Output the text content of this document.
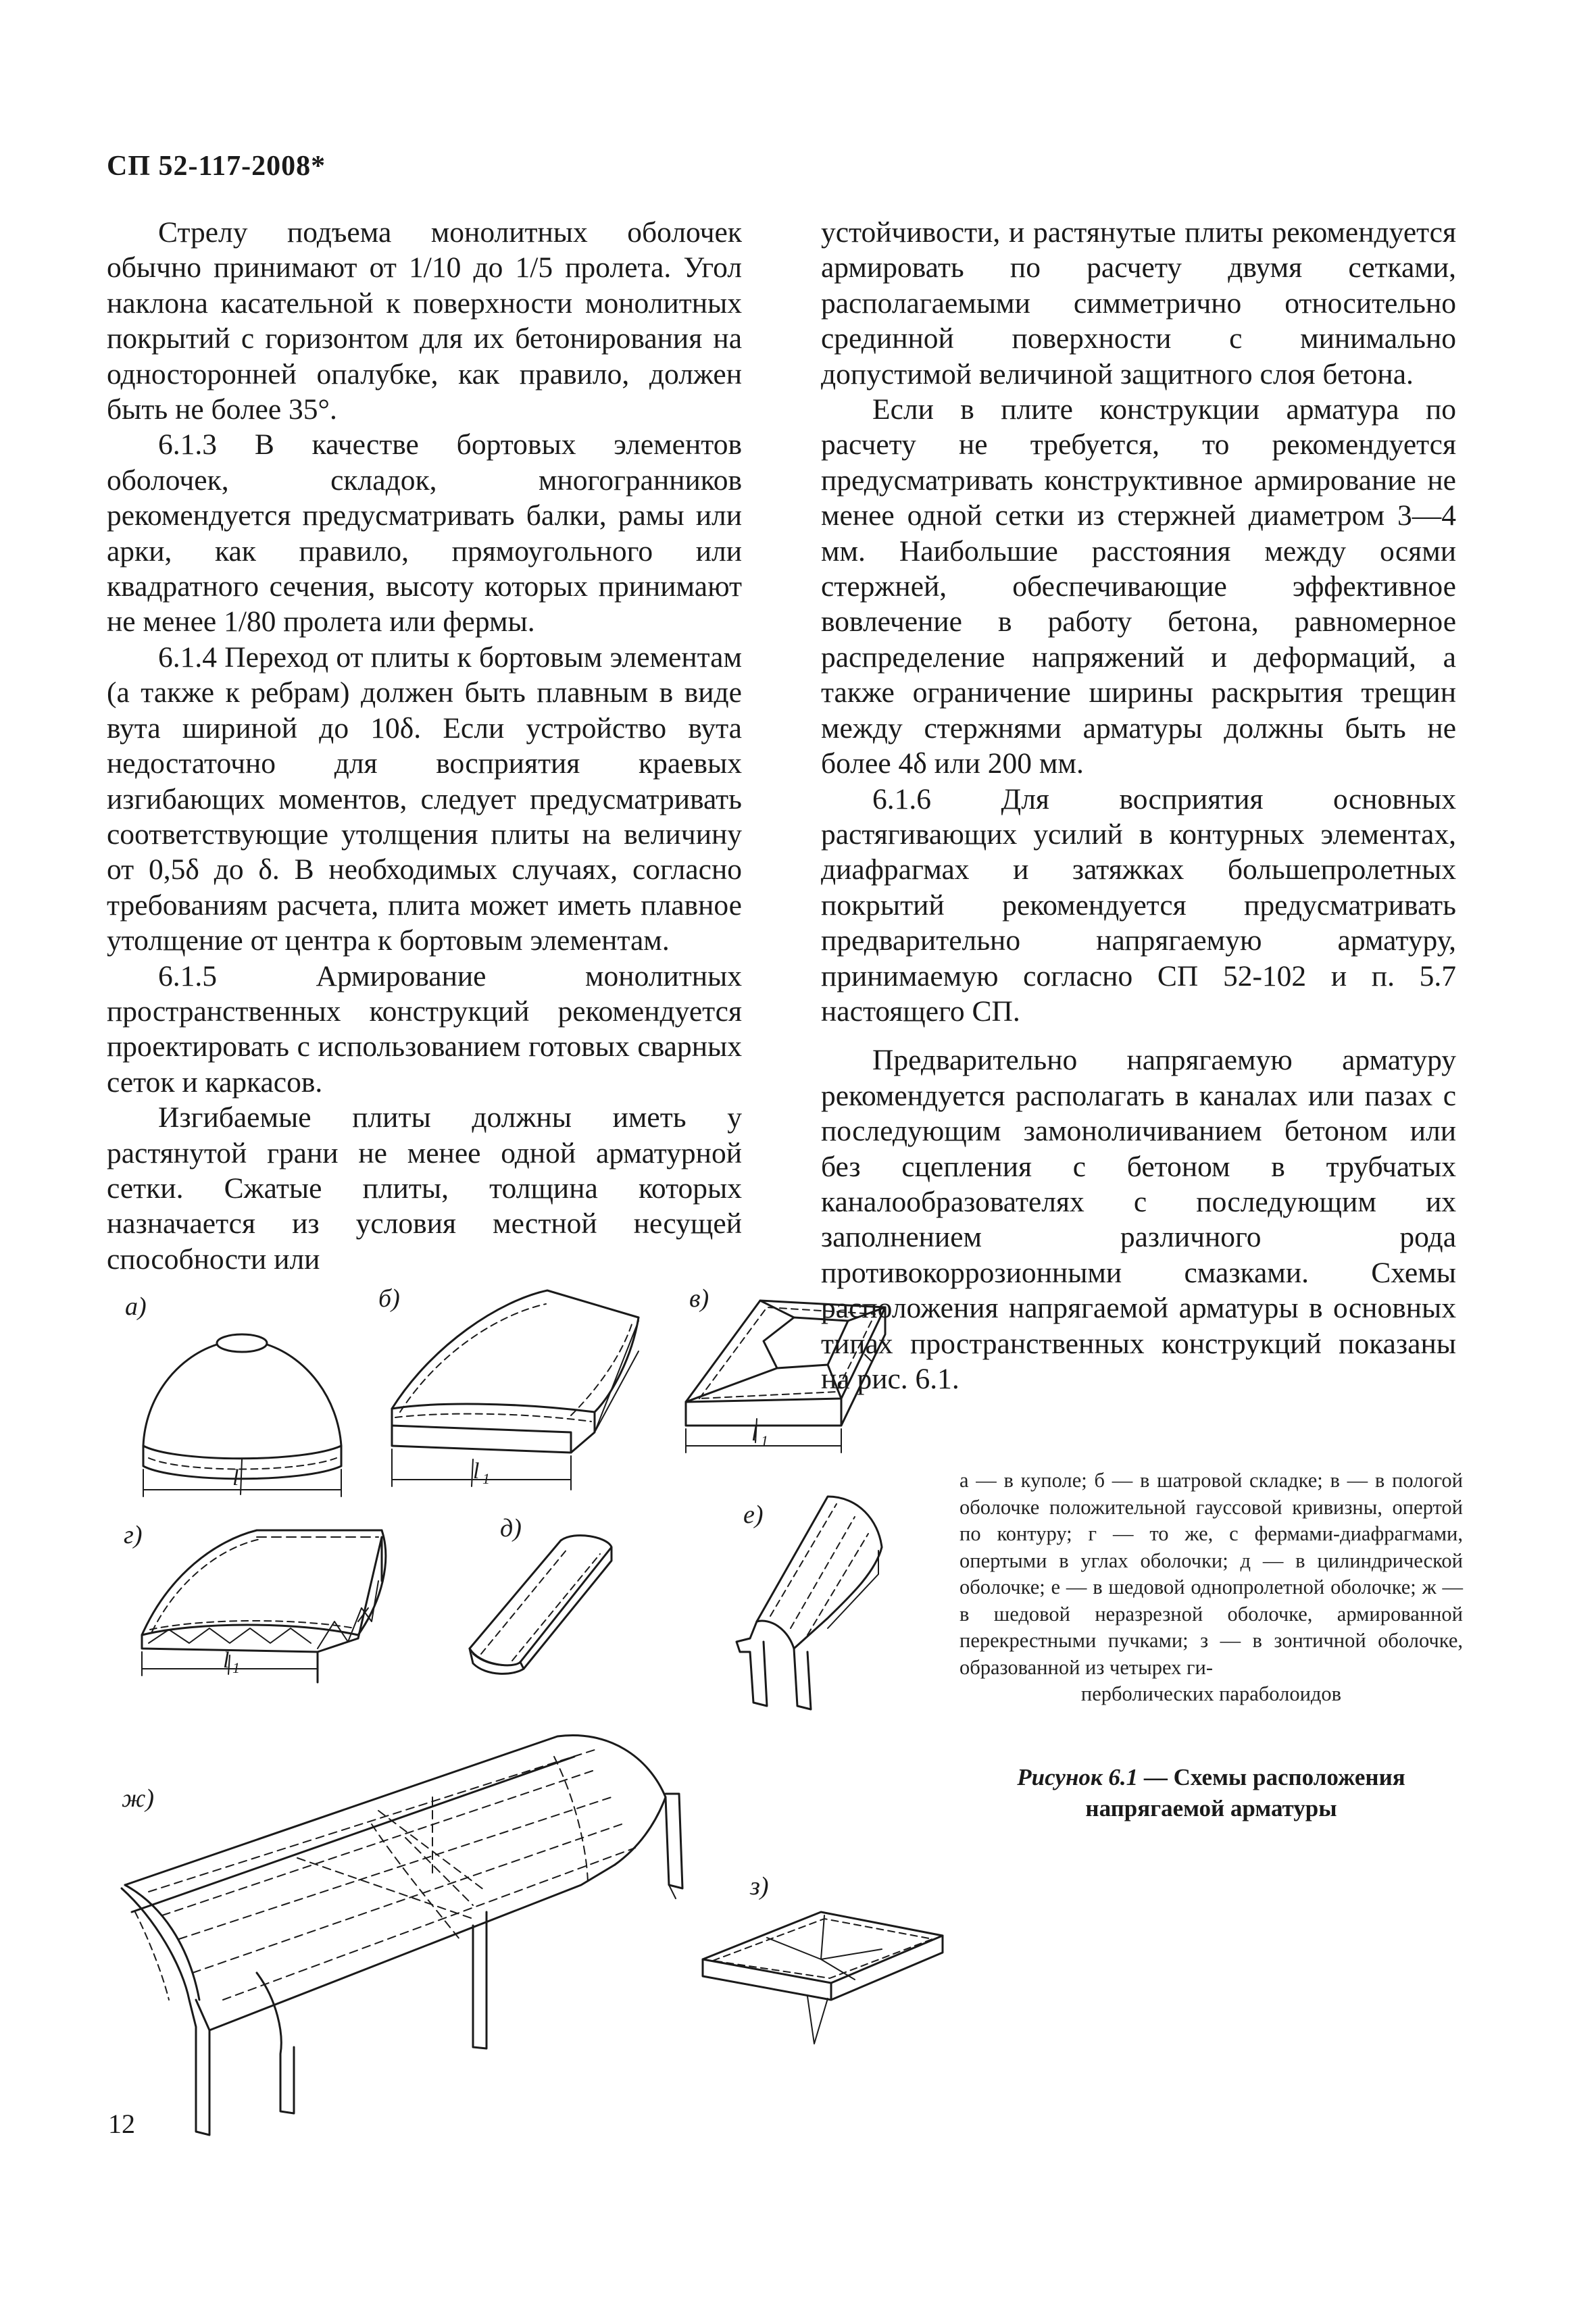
СП 52-117-2008*

Стрелу подъема монолитных оболочек обычно принимают от 1/10 до 1/5 пролета. Угол наклона касательной к поверхности монолитных покрытий с горизонтом для их бетонирования на односторонней опалубке, как правило, должен быть не более 35°.

6.1.3 В качестве бортовых элементов оболочек, складок, многогранников рекомендуется предусматривать балки, рамы или арки, как правило, прямоугольного или квадратного сечения, высоту которых принимают не менее 1/80 пролета или фермы.

6.1.4 Переход от плиты к бортовым элементам (а также к ребрам) должен быть плавным в виде вута шириной до 10δ. Если устройство вута недостаточно для восприятия краевых изгибающих моментов, следует предусматривать соответствующие утолщения плиты на величину от 0,5δ до δ. В необходимых случаях, согласно требованиям расчета, плита может иметь плавное утолщение от центра к бортовым элементам.

6.1.5 Армирование монолитных пространственных конструкций рекомендуется проектировать с использованием готовых сварных сеток и каркасов.

Изгибаемые плиты должны иметь у растянутой грани не менее одной арматурной сетки. Сжатые плиты, толщина которых назначается из условия местной несущей способности или

устойчивости, и растянутые плиты рекомендуется армировать по расчету двумя сетками, располагаемыми симметрично относительно срединной поверхности с минимально допустимой величиной защитного слоя бетона.

Если в плите конструкции арматура по расчету не требуется, то рекомендуется предусматривать конструктивное армирование не менее одной сетки из стержней диаметром 3—4 мм. Наибольшие расстояния между осями стержней, обеспечивающие эффективное вовлечение в работу бетона, равномерное распределение напряжений и деформаций, а также ограничение ширины раскрытия трещин между стержнями арматуры должны быть не более 4δ или 200 мм.

6.1.6 Для восприятия основных растягивающих усилий в контурных элементах, диафрагмах и затяжках большепролетных покрытий рекомендуется предусматривать предварительно напрягаемую арматуру, принимаемую согласно СП 52-102 и п. 5.7 настоящего СП.

Предварительно напрягаемую арматуру рекомендуется располагать в каналах или пазах с последующим замоноличиванием бетоном или без сцепления с бетоном в трубчатых каналообразователях с последующим их заполнением различного рода противокоррозионными смазками. Схемы расположения напрягаемой арматуры в основных типах пространственных конструкций показаны на рис. 6.1.

l	l 1
l 1
l 1
а)	б)	в)
г)	д)	е)
ж)
з)
а — в куполе; б — в шатровой складке; в — в пологой оболочке положительной гауссовой кривизны, опертой по контуру; г — то же, с фермами-диафрагмами, опертыми в углах оболочки; д — в цилиндрической оболочке; е — в шедовой однопролетной оболочке; ж — в шедовой неразрезной оболочке, армированной перекрестными пучками; з — в зонтичной оболочке, образованной из четырех ги-
перболических параболоидов
Рисунок 6.1 — Схемы расположения напрягаемой арматуры
12
